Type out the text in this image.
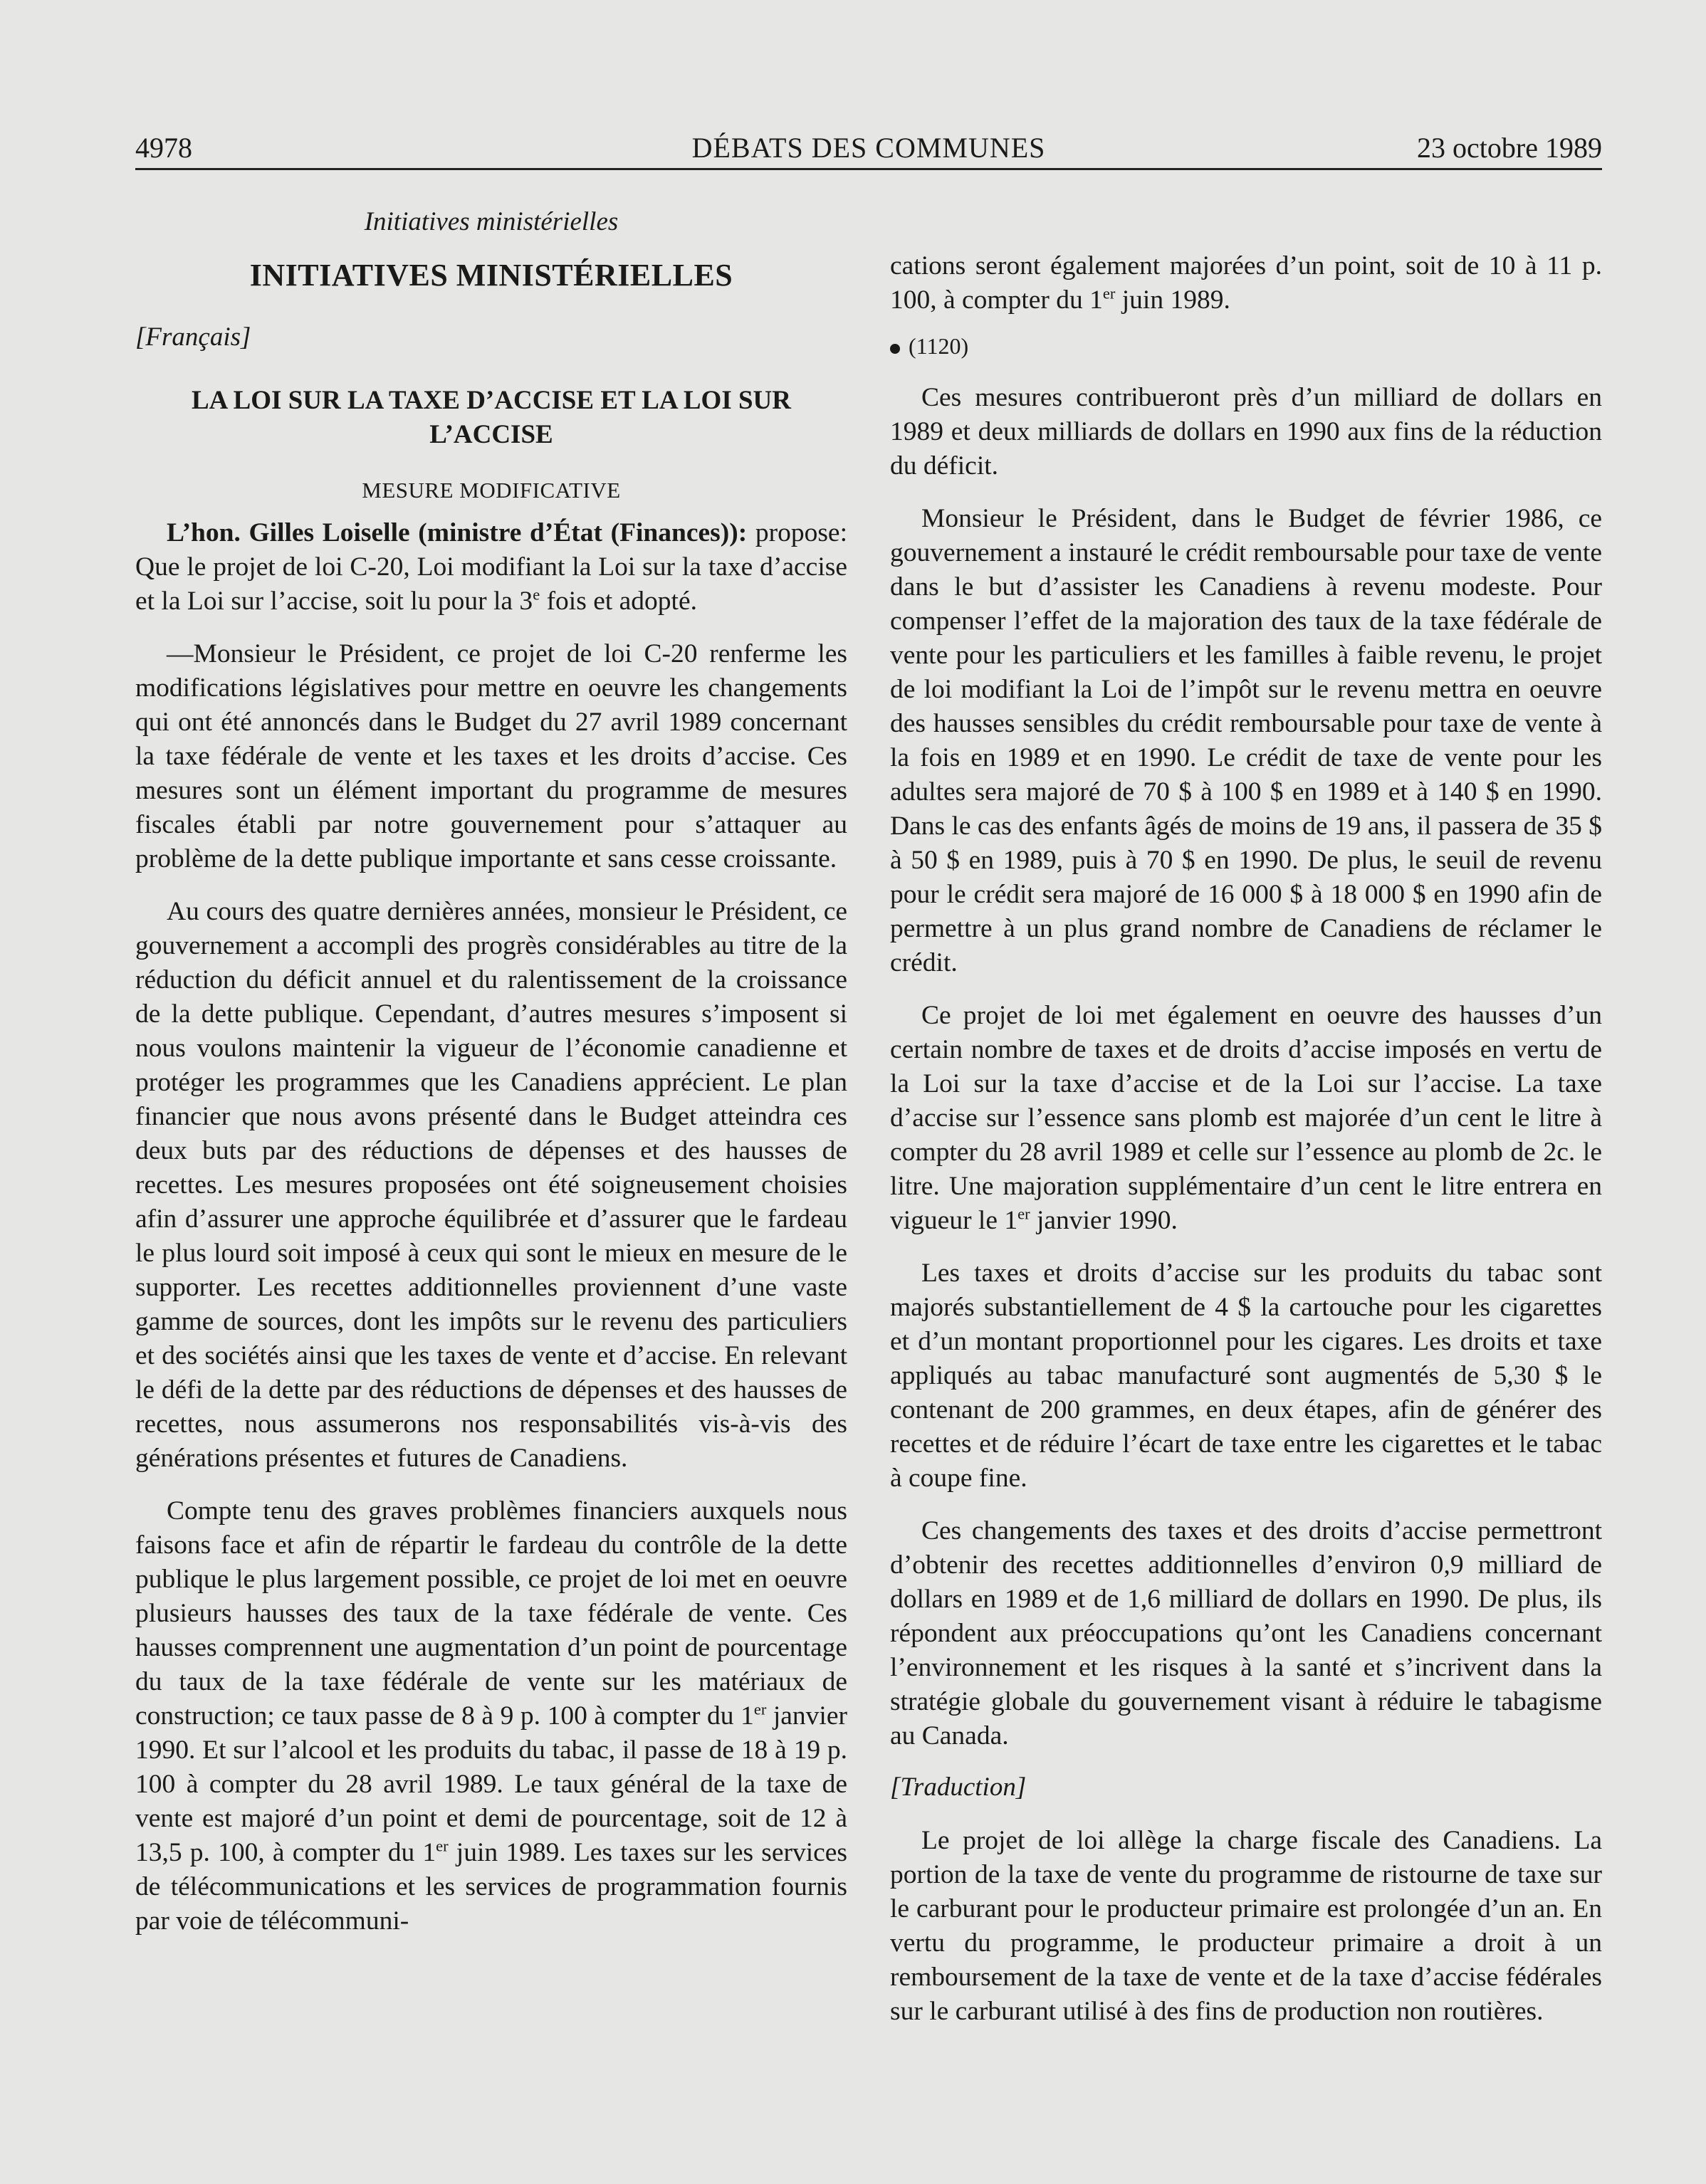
4978	DÉBATS DES COMMUNES	23 octobre 1989
Initiatives ministérielles
INITIATIVES MINISTÉRIELLES
[Français]
LA LOI SUR LA TAXE D’ACCISE ET LA LOI SUR L’ACCISE
MESURE MODIFICATIVE

L’hon. Gilles Loiselle (ministre d’État (Finances)): propose: Que le projet de loi C-20, Loi modifiant la Loi sur la taxe d’accise et la Loi sur l’accise, soit lu pour la 3e fois et adopté.

—Monsieur le Président, ce projet de loi C-20 renferme les modifications législatives pour mettre en oeuvre les changements qui ont été annoncés dans le Budget du 27 avril 1989 concernant la taxe fédérale de vente et les taxes et les droits d’accise. Ces mesures sont un élément important du programme de mesures fiscales établi par notre gouvernement pour s’attaquer au problème de la dette publique importante et sans cesse croissante.

Au cours des quatre dernières années, monsieur le Président, ce gouvernement a accompli des progrès considérables au titre de la réduction du déficit annuel et du ralentissement de la croissance de la dette publique. Cependant, d’autres mesures s’imposent si nous voulons maintenir la vigueur de l’économie canadienne et protéger les programmes que les Canadiens apprécient. Le plan financier que nous avons présenté dans le Budget atteindra ces deux buts par des réductions de dépenses et des hausses de recettes. Les mesures proposées ont été soigneusement choisies afin d’assurer une approche équilibrée et d’assurer que le fardeau le plus lourd soit imposé à ceux qui sont le mieux en mesure de le supporter. Les recettes additionnelles proviennent d’une vaste gamme de sources, dont les impôts sur le revenu des particuliers et des sociétés ainsi que les taxes de vente et d’accise. En relevant le défi de la dette par des réductions de dépenses et des hausses de recettes, nous assumerons nos responsabilités vis-à-vis des générations présentes et futures de Canadiens.

Compte tenu des graves problèmes financiers auxquels nous faisons face et afin de répartir le fardeau du contrôle de la dette publique le plus largement possible, ce projet de loi met en oeuvre plusieurs hausses des taux de la taxe fédérale de vente. Ces hausses comprennent une augmentation d’un point de pourcentage du taux de la taxe fédérale de vente sur les matériaux de construction; ce taux passe de 8 à 9 p. 100 à compter du 1er janvier 1990. Et sur l’alcool et les produits du tabac, il passe de 18 à 19 p. 100 à compter du 28 avril 1989. Le taux général de la taxe de vente est majoré d’un point et demi de pourcentage, soit de 12 à 13,5 p. 100, à compter du 1er juin 1989. Les taxes sur les services de télécommunications et les services de programmation fournis par voie de télécommuni-

cations seront également majorées d’un point, soit de 10 à 11 p. 100, à compter du 1er juin 1989.

(1120)

Ces mesures contribueront près d’un milliard de dollars en 1989 et deux milliards de dollars en 1990 aux fins de la réduction du déficit.

Monsieur le Président, dans le Budget de février 1986, ce gouvernement a instauré le crédit remboursable pour taxe de vente dans le but d’assister les Canadiens à revenu modeste. Pour compenser l’effet de la majoration des taux de la taxe fédérale de vente pour les particuliers et les familles à faible revenu, le projet de loi modifiant la Loi de l’impôt sur le revenu mettra en oeuvre des hausses sensibles du crédit remboursable pour taxe de vente à la fois en 1989 et en 1990. Le crédit de taxe de vente pour les adultes sera majoré de 70 $ à 100 $ en 1989 et à 140 $ en 1990. Dans le cas des enfants âgés de moins de 19 ans, il passera de 35 $ à 50 $ en 1989, puis à 70 $ en 1990. De plus, le seuil de revenu pour le crédit sera majoré de 16 000 $ à 18 000 $ en 1990 afin de permettre à un plus grand nombre de Canadiens de réclamer le crédit.

Ce projet de loi met également en oeuvre des hausses d’un certain nombre de taxes et de droits d’accise imposés en vertu de la Loi sur la taxe d’accise et de la Loi sur l’accise. La taxe d’accise sur l’essence sans plomb est majorée d’un cent le litre à compter du 28 avril 1989 et celle sur l’essence au plomb de 2c. le litre. Une majoration supplémentaire d’un cent le litre entrera en vigueur le 1er janvier 1990.

Les taxes et droits d’accise sur les produits du tabac sont majorés substantiellement de 4 $ la cartouche pour les cigarettes et d’un montant proportionnel pour les cigares. Les droits et taxe appliqués au tabac manufacturé sont augmentés de 5,30 $ le contenant de 200 grammes, en deux étapes, afin de générer des recettes et de réduire l’écart de taxe entre les cigarettes et le tabac à coupe fine.

Ces changements des taxes et des droits d’accise permettront d’obtenir des recettes additionnelles d’environ 0,9 milliard de dollars en 1989 et de 1,6 milliard de dollars en 1990. De plus, ils répondent aux préoccupations qu’ont les Canadiens concernant l’environnement et les risques à la santé et s’incrivent dans la stratégie globale du gouvernement visant à réduire le tabagisme au Canada.

[Traduction]

Le projet de loi allège la charge fiscale des Canadiens. La portion de la taxe de vente du programme de ristourne de taxe sur le carburant pour le producteur primaire est prolongée d’un an. En vertu du programme, le producteur primaire a droit à un remboursement de la taxe de vente et de la taxe d’accise fédérales sur le carburant utilisé à des fins de production non routières.
